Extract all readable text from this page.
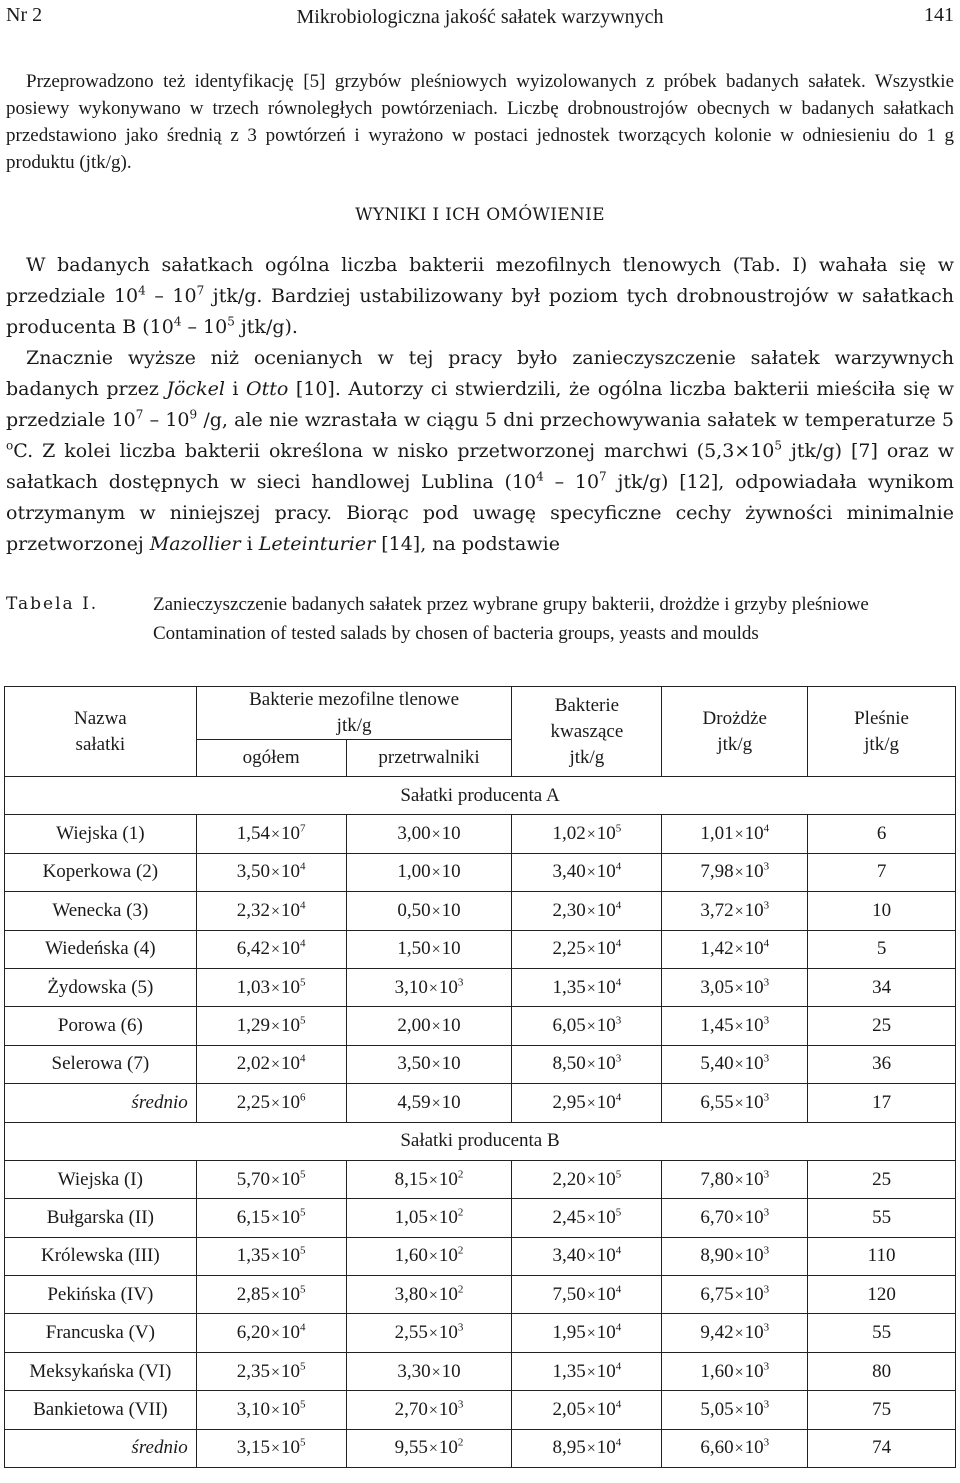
Nr 2	Mikrobiologiczna jakość sałatek warzywnych	141
Przeprowadzono też identyfikację [5] grzybów pleśniowych wyizolowanych z próbek badanych sałatek. Wszystkie posiewy wykonywano w trzech równoległych powtórzeniach. Liczbę drobnoustrojów obecnych w badanych sałatkach przedstawiono jako średnią z 3 powtórzeń i wyrażono w postaci jednostek tworzących kolonie w odniesieniu do 1 g produktu (jtk/g).
WYNIKI I ICH OMÓWIENIE

W badanych sałatkach ogólna liczba bakterii mezofilnych tlenowych (Tab. I) wahała się w przedziale $10^4 - 10^7$ jtk/g. Bardziej ustabilizowany był poziom tych drobnoustrojów w sałatkach producenta B ($10^4 - 10^5$ jtk/g).

Znacznie wyższe niż ocenianych w tej pracy było zanieczyszczenie sałatek warzywnych badanych przez Jöckel i Otto [10]. Autorzy ci stwierdzili, że ogólna liczba bakterii mieściła się w przedziale $10^7 - 10^9$ /g, ale nie wzrastała w ciągu 5 dni przechowywania sałatek w temperaturze 5 $^o$C. Z kolei liczba bakterii określona w nisko przetworzonej marchwi ($5,3\times 10^5$ jtk/g) [7] oraz w sałatkach dostępnych w sieci handlowej Lublina ($10^4 - 10^7$ jtk/g) [12], odpowiadała wynikom otrzymanym w niniejszej pracy. Biorąc pod uwagę specyficzne cechy żywności minimalnie przetworzonej Mazollier i Leteinturier [14], na podstawie

Tabela I.	Zanieczyszczenie badanych sałatek przez wybrane grupy bakterii, drożdże i grzyby pleśniowe
Contamination of tested salads by chosen of bacteria groups, yeasts and moulds
Nazwa sałatki	Bakterie mezofilne tlenowe jtk/g		Bakterie kwaszące jtk/g	Drożdże jtk/g	Pleśnie jtk/g

	ogółem	przetrwalniki			
Sałatki producenta A					
Wiejska (1)	$1,54\times 10^7$	3,00×10	$1,02\times 10^5$	$1,01\times 10^4$	6
Koperkowa (2)	$3,50\times 10^4$	1,00×10	$3,40\times 10^4$	$7,98\times 10^3$	7
Wenecka (3)	$2,32\times 10^4$	0,50×10	$2,30\times 10^4$	$3,72\times 10^3$	10
Wiedeńska (4)	$6,42\times 10^4$	1,50×10	$2,25\times 10^4$	$1,42\times 10^4$	5
Żydowska (5)	$1,03\times 10^5$	$3,10\times 10^3$	$1,35\times 10^4$	$3,05\times 10^3$	34
Porowa (6)	$1,29\times 10^5$	2,00×10	$6,05\times 10^3$	$1,45\times 10^3$	25
Selerowa (7)	$2,02\times 10^4$	3,50×10	$8,50\times 10^3$	$5,40\times 10^3$	36
średnio	$2,25\times 10^6$	4,59×10	$2,95\times 10^4$	$6,55\times 10^3$	17
Sałatki producenta B					
Wiejska (I)	$5,70\times 10^5$	$8,15\times 10^2$	$2,20\times 10^5$	$7,80\times 10^3$	25
Bułgarska (II)	$6,15\times 10^5$	$1,05\times 10^2$	$2,45\times 10^5$	$6,70\times 10^3$	55
Królewska (III)	$1,35\times 10^5$	$1,60\times 10^2$	$3,40\times 10^4$	$8,90\times 10^3$	110
Pekińska (IV)	$2,85\times 10^5$	$3,80\times 10^2$	$7,50\times 10^4$	$6,75\times 10^3$	120
Francuska (V)	$6,20\times 10^4$	$2,55\times 10^3$	$1,95\times 10^4$	$9,42\times 10^3$	55
Meksykańska (VI)	$2,35\times 10^5$	3,30×10	$1,35\times 10^4$	$1,60\times 10^3$	80
Bankietowa (VII)	$3,10\times 10^5$	$2,70\times 10^3$	$2,05\times 10^4$	$5,05\times 10^3$	75
średnio	$3,15\times 10^5$	$9,55\times 10^2$	$8,95\times 10^4$	$6,60\times 10^3$	74
